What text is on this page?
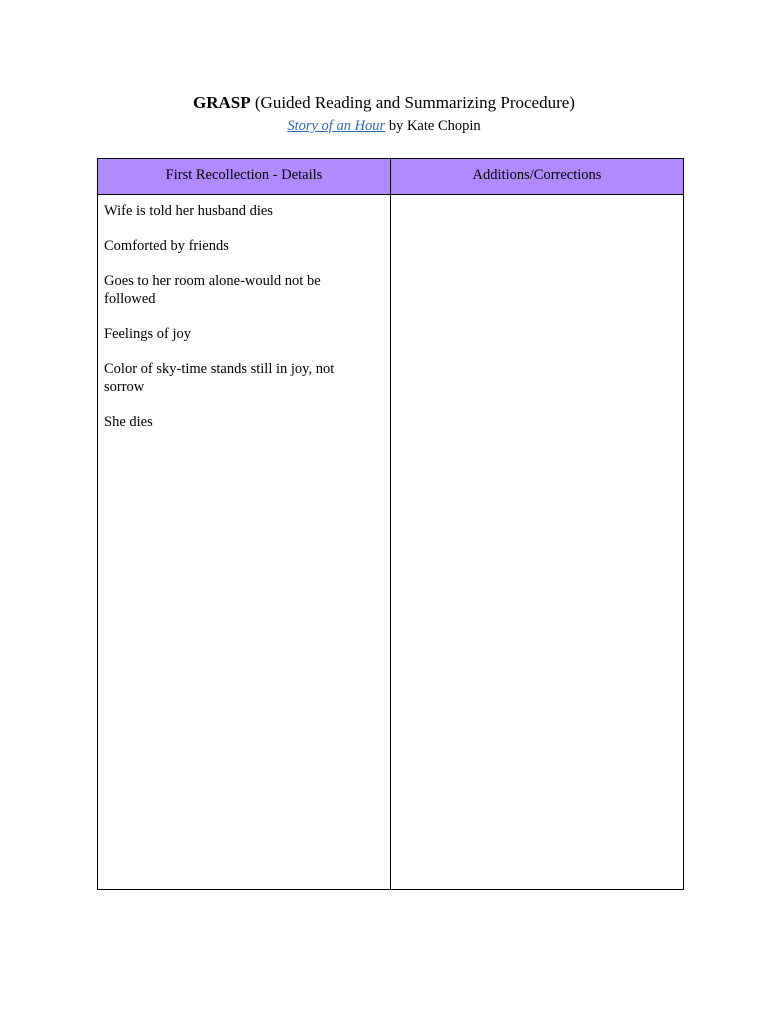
GRASP (Guided Reading and Summarizing Procedure)
Story of an Hour by Kate Chopin
First Recollection - Details	Additions/Corrections
Wife is told her husband dies
Comforted by friends
Goes to her room alone-would not be followed
Feelings of joy
Color of sky-time stands still in joy, not sorrow
She dies
